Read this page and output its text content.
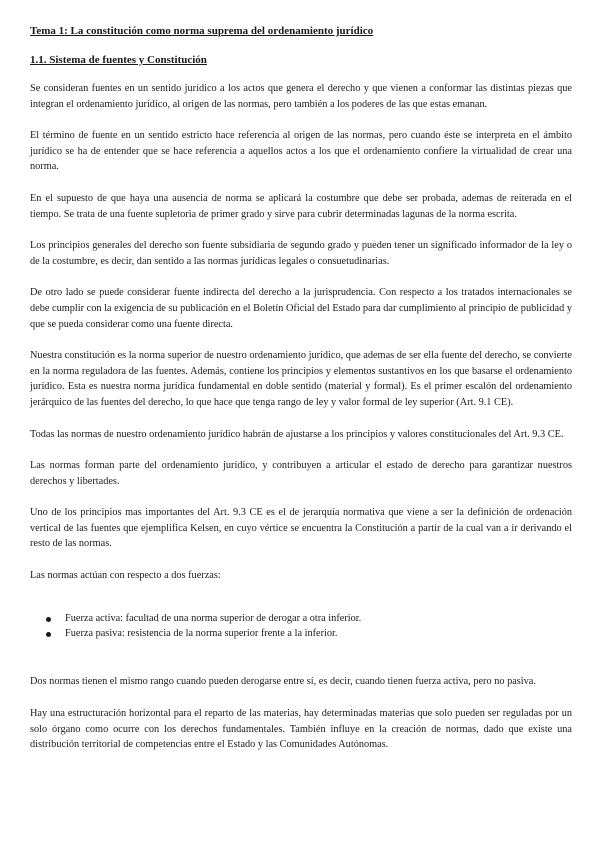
Tema 1: La constitución como norma suprema del ordenamiento jurídico
1.1. Sistema de fuentes y Constitución

Se consideran fuentes en un sentido jurídico a los actos que genera el derecho y que vienen a conformar las distintas piezas que integran el ordenamiento jurídico, al origen de las normas, pero también a los poderes de las que estas emanan.

El término de fuente en un sentido estricto hace referencia al origen de las normas, pero cuando éste se interpreta en el ámbito jurídico se ha de entender que se hace referencia a aquellos actos a los que el ordenamiento confiere la virtualidad de crear una norma.

En el supuesto de que haya una ausencia de norma se aplicará la costumbre que debe ser probada, ademas de reiterada en el tiempo. Se trata de una fuente supletoria de primer grado y sirve para cubrir determinadas lagunas de la norma escrita.

Los principios generales del derecho son fuente subsidiaria de segundo grado y pueden tener un significado informador de la ley o de la costumbre, es decir, dan sentido a las normas jurídicas legales o consuetudinarias.

De otro lado se puede considerar fuente indirecta del derecho a la jurisprudencia. Con respecto a los tratados internacionales se debe cumplir con la exigencia de su publicación en el Boletín Oficial del Estado para dar cumplimiento al principio de publicidad y que se pueda considerar como una fuente directa.

Nuestra constitución es la norma superior de nuestro ordenamiento jurídico, que ademas de ser ella fuente del derecho, se convierte en la norma reguladora de las fuentes. Además, contiene los principios y elementos sustantivos en los que basarse el ordenamiento jurídico. Esta es nuestra norma jurídica fundamental en doble sentido (material y formal). Es el primer escalón del ordenamiento jerárquico de las fuentes del derecho, lo que hace que tenga rango de ley y valor formal de ley superior (Art. 9.1 CE).

Todas las normas de nuestro ordenamiento jurídico habrán de ajustarse a los principios y valores constitucionales del Art. 9.3 CE.

Las normas forman parte del ordenamiento jurídico, y contribuyen a articular el estado de derecho para garantizar nuestros derechos y libertades.

Uno de los principios mas importantes del Art. 9.3 CE es el de jerarquía normativa que viene a ser la definición de ordenación vertical de las fuentes que ejemplifica Kelsen, en cuyo vértice se encuentra la Constitución a partir de la cual van a ir derivando el resto de las normas.

Las normas actúan con respecto a dos fuerzas:

Fuerza activa: facultad de una norma superior de derogar a otra inferior.
Fuerza pasiva: resistencia de la norma superior frente a la inferior.

Dos normas tienen el mismo rango cuando pueden derogarse entre sí, es decir, cuando tienen fuerza activa, pero no pasiva.

Hay una estructuración horizontal para el reparto de las materias, hay determinadas materias que solo pueden ser reguladas por un solo órgano como ocurre con los derechos fundamentales. También influye en la creación de normas, dado que existe una distribución territorial de competencias entre el Estado y las Comunidades Autónomas.
